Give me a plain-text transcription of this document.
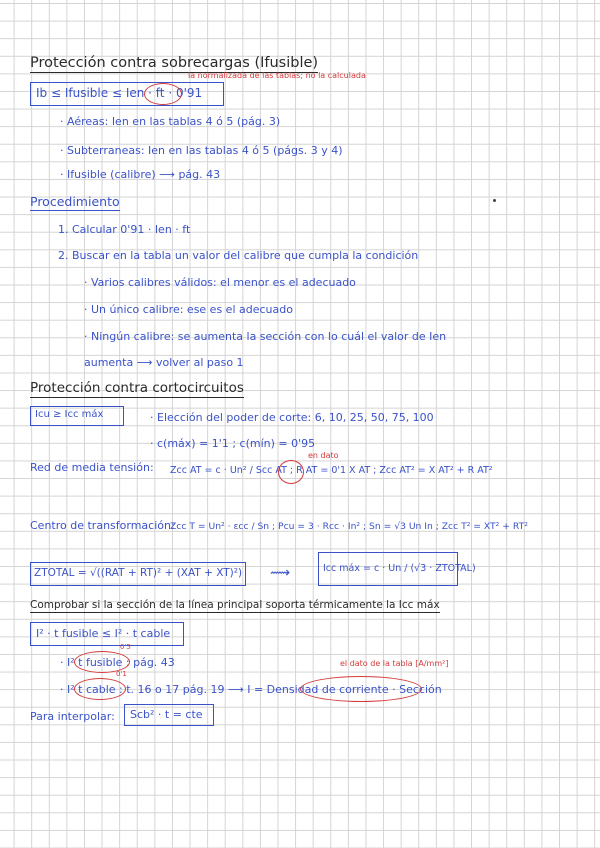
Protección contra sobrecargas (Ifusible)
Ib ≤ Ifusible ≤ Ien · ft · 0'91
la normalizada de las tablas; no la calculada
· Aéreas: Ien en las tablas 4 ó 5 (pág. 3)
· Subterraneas: Ien en las tablas 4 ó 5 (págs. 3 y 4)
· Ifusible (calibre) ⟶ pág. 43
Procedimiento
1. Calcular 0'91 · Ien · ft
2. Buscar en la tabla un valor del calibre que cumpla la condición
· Varios calibres válidos: el menor es el adecuado
· Un único calibre: ese es el adecuado
· Ningún calibre: se aumenta la sección con lo cuál el valor de Ien
aumenta ⟶ volver al paso 1
Protección contra cortocircuitos
Icu ≥ Icc máx	· Elección del poder de corte: 6, 10, 25, 50, 75, 100
· c(máx) = 1'1 ; c(mín) = 0'95
Red de media tensión: Zcc AT = c · Un² / Scc AT ; R AT = 0'1 X AT ; Zcc AT² = X AT² + R AT²
en dato
Centro de transformación:
Zcc T = Un² · εcc / Sn ; Pcu = 3 · Rcc · In² ; Sn = √3 Un In ; Zcc T² = XT² + RT²
ZTOTAL = √((RAT + RT)² + (XAT + XT)²) ⟿	Icc máx = c · Un / (√3 · ZTOTAL)
Comprobar si la sección de la línea principal soporta térmicamente la Icc máx
I² · t fusible ≤ I² · t cable
· I² t fusible : pág. 43
0'5
· I² t cable : t. 16 o 17 pág. 19 ⟶ I = Densidad de corriente · Sección
0'1
el dato de la tabla [A/mm²]
Para interpolar: Scb² · t = cte
